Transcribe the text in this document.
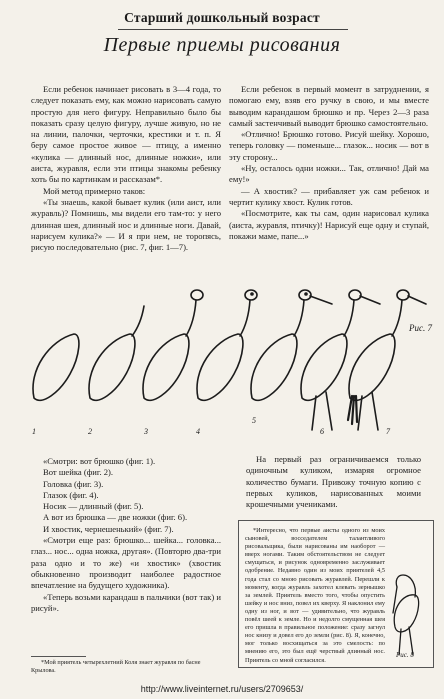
Старший дошкольный возраст
Первые приемы рисования

Если ребенок начинает рисовать в 3—4 года, то следует показать ему, как можно нарисовать самую простую для него фигуру. Неправильно было бы показать сразу целую фигуру, лучше живую, но не на линии, палочки, черточки, крестики и т. п. Я беру самое простое живое — птицу, а именно «кулика — длинный нос, длинные ножки», или аиста, журавля, если эти птицы знакомы ребенку хоть бы по картинкам и рассказам*.

Мой метод примерно таков:

«Ты знаешь, какой бывает кулик (или аист, или журавль)? Помнишь, мы видели его там-то: у него длинная шея, длинный нос и длинные ноги. Давай, нарисуем кулика?» — И я при нем, не торопясь, рисую последовательно (рис. 7, фиг. 1—7).

Если ребенок в первый момент в затруднении, я помогаю ему, взяв его ручку в свою, и мы вместе выводим карандашом брюшко и пр. Через 2—3 раза самый застенчивый выводит брюшко самостоятельно.

«Отлично! Брюшко готово. Рисуй шейку. Хорошо, теперь головку — поменьше... глазок... носик — вот в эту сторону...

«Ну, осталось одни ножки... Так, отлично! Дай ма ему!»

— А хвостик? — прибавляет уж сам ребенок и чертит кулику хвост. Кулик готов.

«Посмотрите, как ты сам, один нарисовал кулика (аиста, журавля, птичку)! Нарисуй еще одну и ступай, покажи маме, папе...»

1	2	3	4
5
6	7
Рис. 7

«Смотри: вот брюшко (фиг. 1).

Вот шейка (фиг. 2).

Головка (фиг. 3).

Глазок (фиг. 4).

Носик — длинный (фиг. 5).

А вот из брюшка — две ножки (фиг. 6).

И хвостик, чернешенький» (фиг. 7).

«Смотри еще раз: брюшко... шейка... головка... глаз... нос... одна ножка, другая». (Повторю два-три раза одно и то же) «и хвостик» (хвостик обыкновенно производит наиболее радостное впечатление на будущего художника).

«Теперь возьми карандаш в пальчики (вот так) и рисуй».

На первый раз ограничиваемся только одиночным куликом, измаряя огромное количество бумаги. Привожу точную копию с первых куликов, нарисованных моими крошечными учениками.

*Интересно, что первые аисты одного из моих сыновей, восседателем талантливого рисовальщика, были нарисованы им наоборот — вверх ногами. Таким обстоятельством не следует смущаться, и рисунок одновременно заслуживает одобрение. Недавно один из моих приятелей 4,5 года стал со мною рисовать журавлей. Перешли к моменту, когда журавль захотел клевать зернышко за землей. Приятель вместо того, чтобы опустить шейку и нос вниз, повел их кверху. Я наклонил ему одну из ног, и вот — удивительно, что журавль повёл шеей к земле. Но и недолго смущенная шея его пришла в правильное положение: сразу загнул нос книзу и довел его до земли (рис. 8). Я, конечно, мог только восхищаться за это смелость: по мнению его, это был ещё черствый длинный нос. Приятель со мной согласился.

Рис. 8

*Мой приятель четырехлетний Коля знает журавля по басне Крылова.

http://www.liveinternet.ru/users/2709653/
